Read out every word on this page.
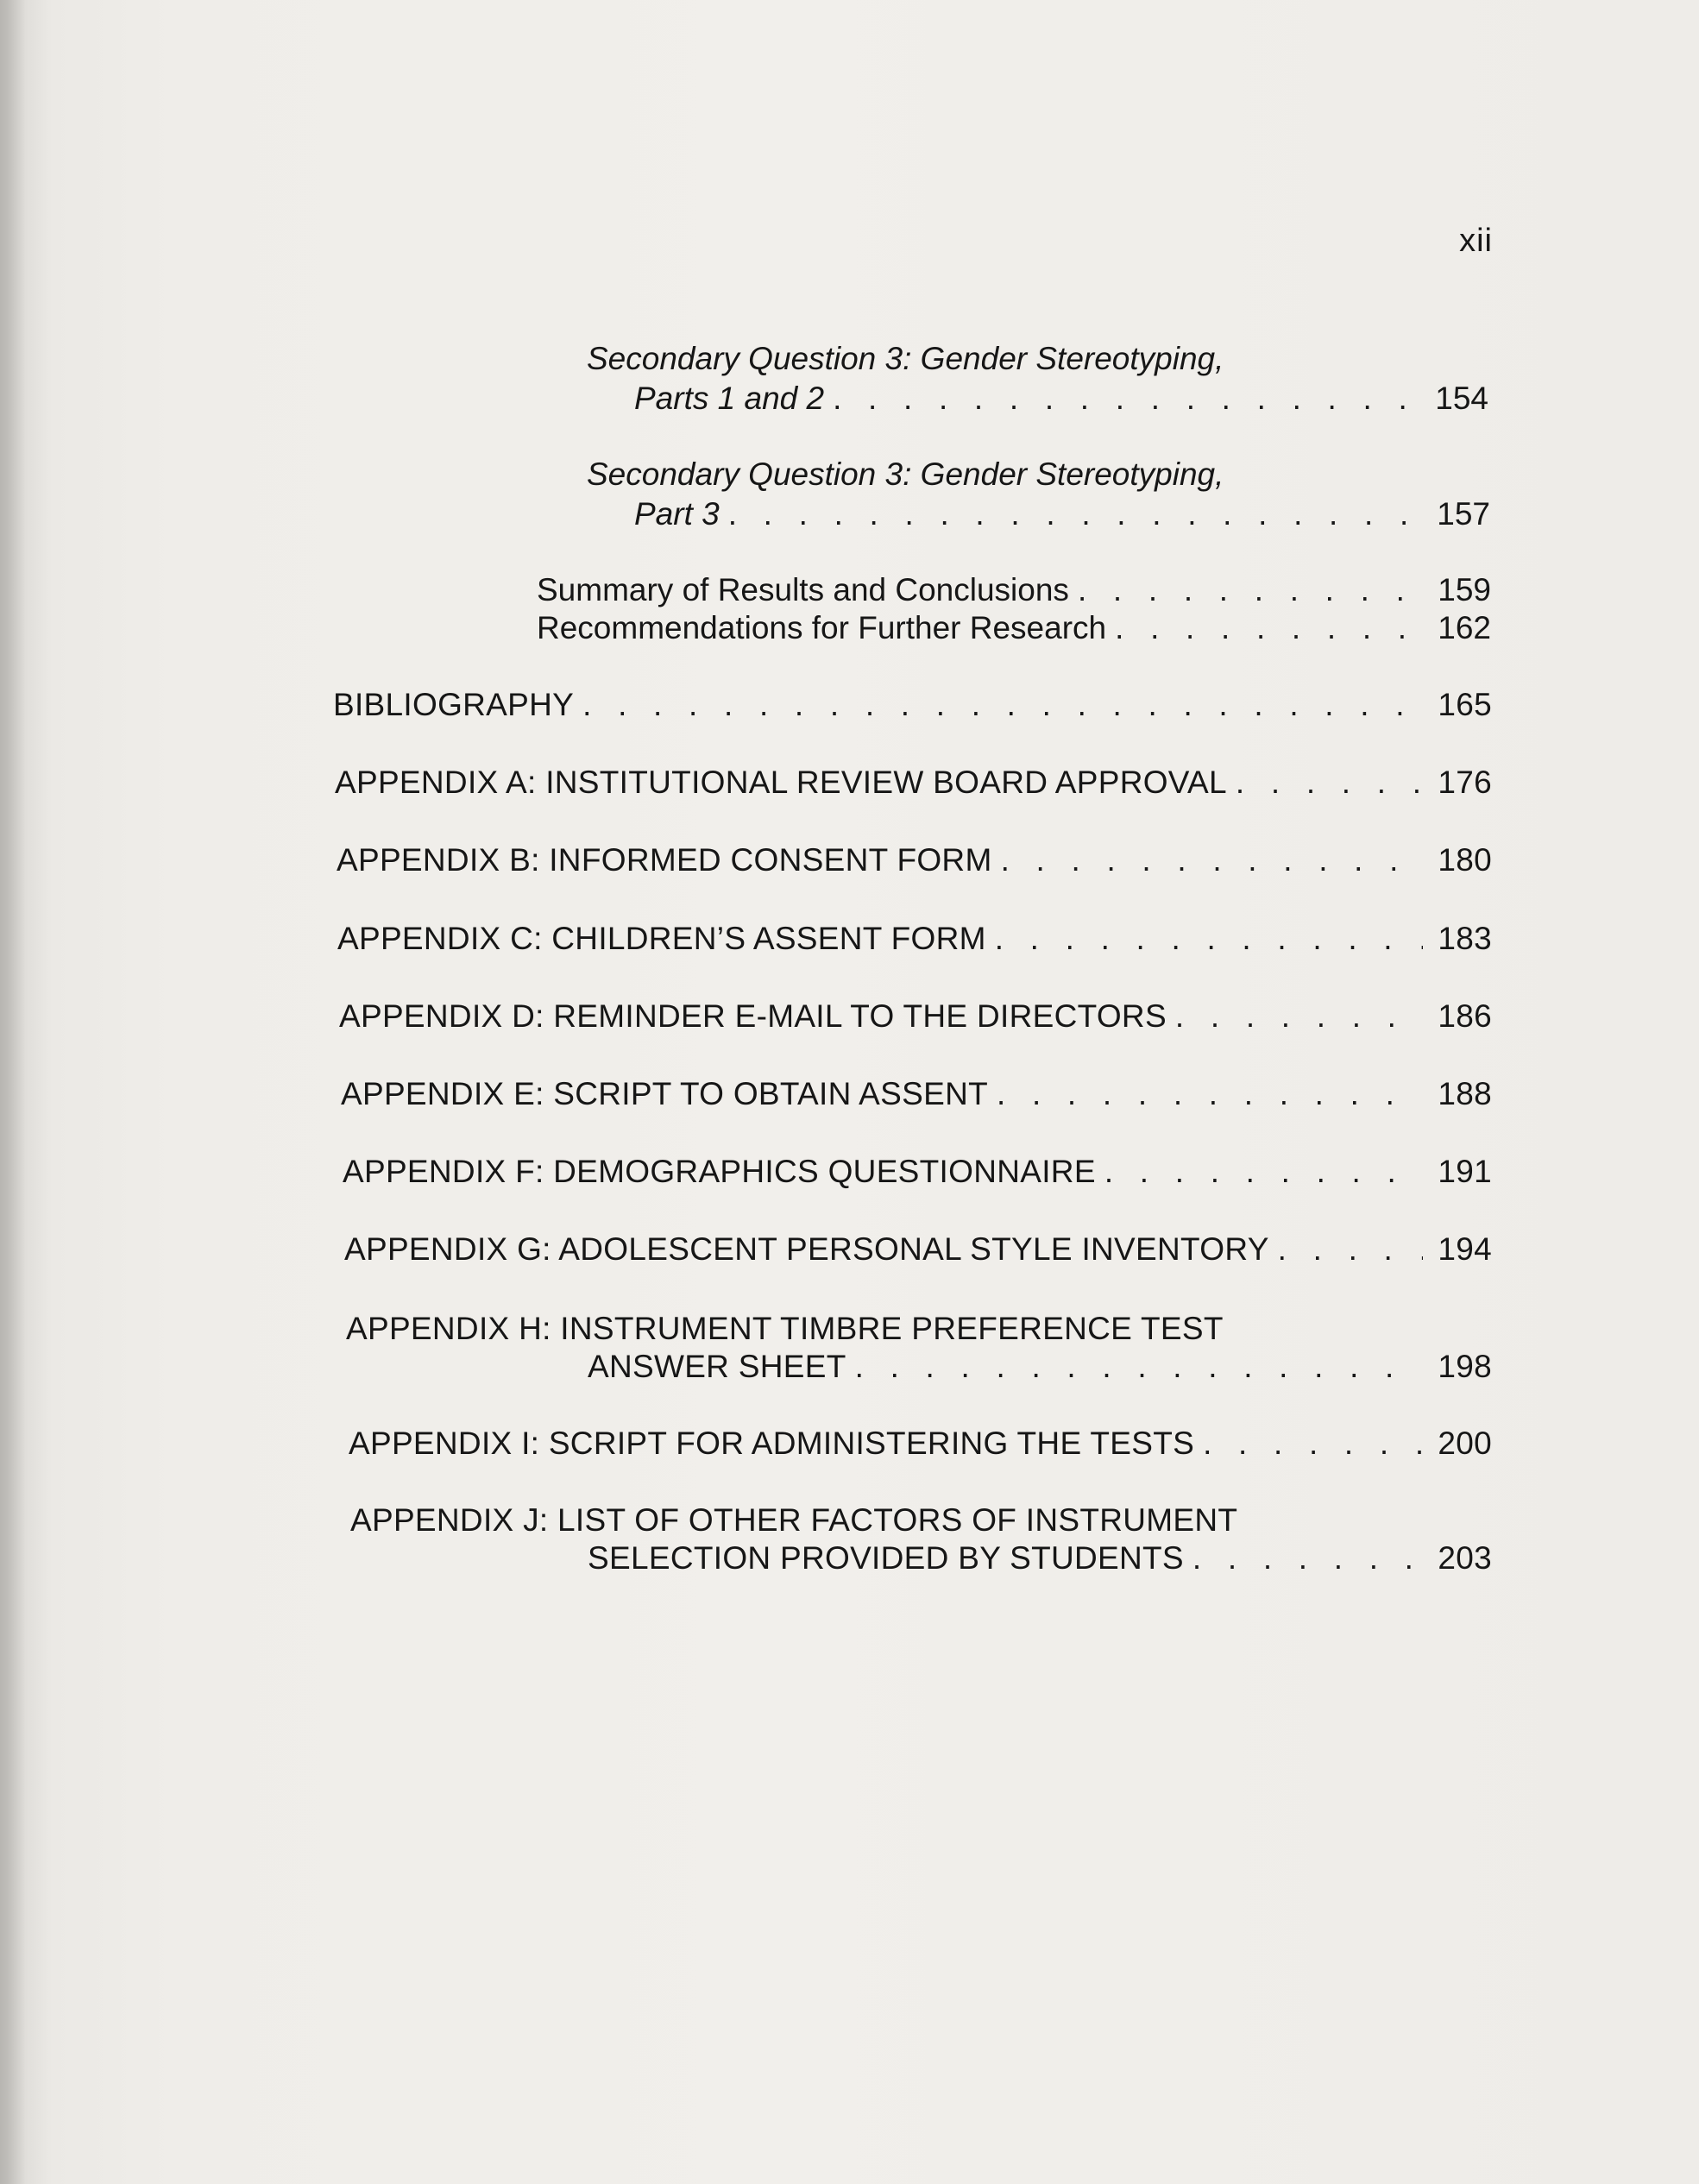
xii
Secondary Question 3: Gender Stereotyping,
Parts 1 and 2 . . .	154
Secondary Question 3: Gender Stereotyping,
Part 3 . . .	157
Summary of Results and Conclusions . . .	159
Recommendations for Further Research . . .	162
BIBLIOGRAPHY . . .	165
APPENDIX A: INSTITUTIONAL REVIEW BOARD APPROVAL . . .	176
APPENDIX B: INFORMED CONSENT FORM . . .	180
APPENDIX C: CHILDREN’S ASSENT FORM . . .	183
APPENDIX D: REMINDER E-MAIL TO THE DIRECTORS . . .	186
APPENDIX E: SCRIPT TO OBTAIN ASSENT . . .	188
APPENDIX F: DEMOGRAPHICS QUESTIONNAIRE . . .	191
APPENDIX G: ADOLESCENT PERSONAL STYLE INVENTORY . . .	194
APPENDIX H: INSTRUMENT TIMBRE PREFERENCE TEST
ANSWER SHEET . . .	198
APPENDIX I: SCRIPT FOR ADMINISTERING THE TESTS . . .	200
APPENDIX J: LIST OF OTHER FACTORS OF INSTRUMENT
SELECTION PROVIDED BY STUDENTS . . .	203
